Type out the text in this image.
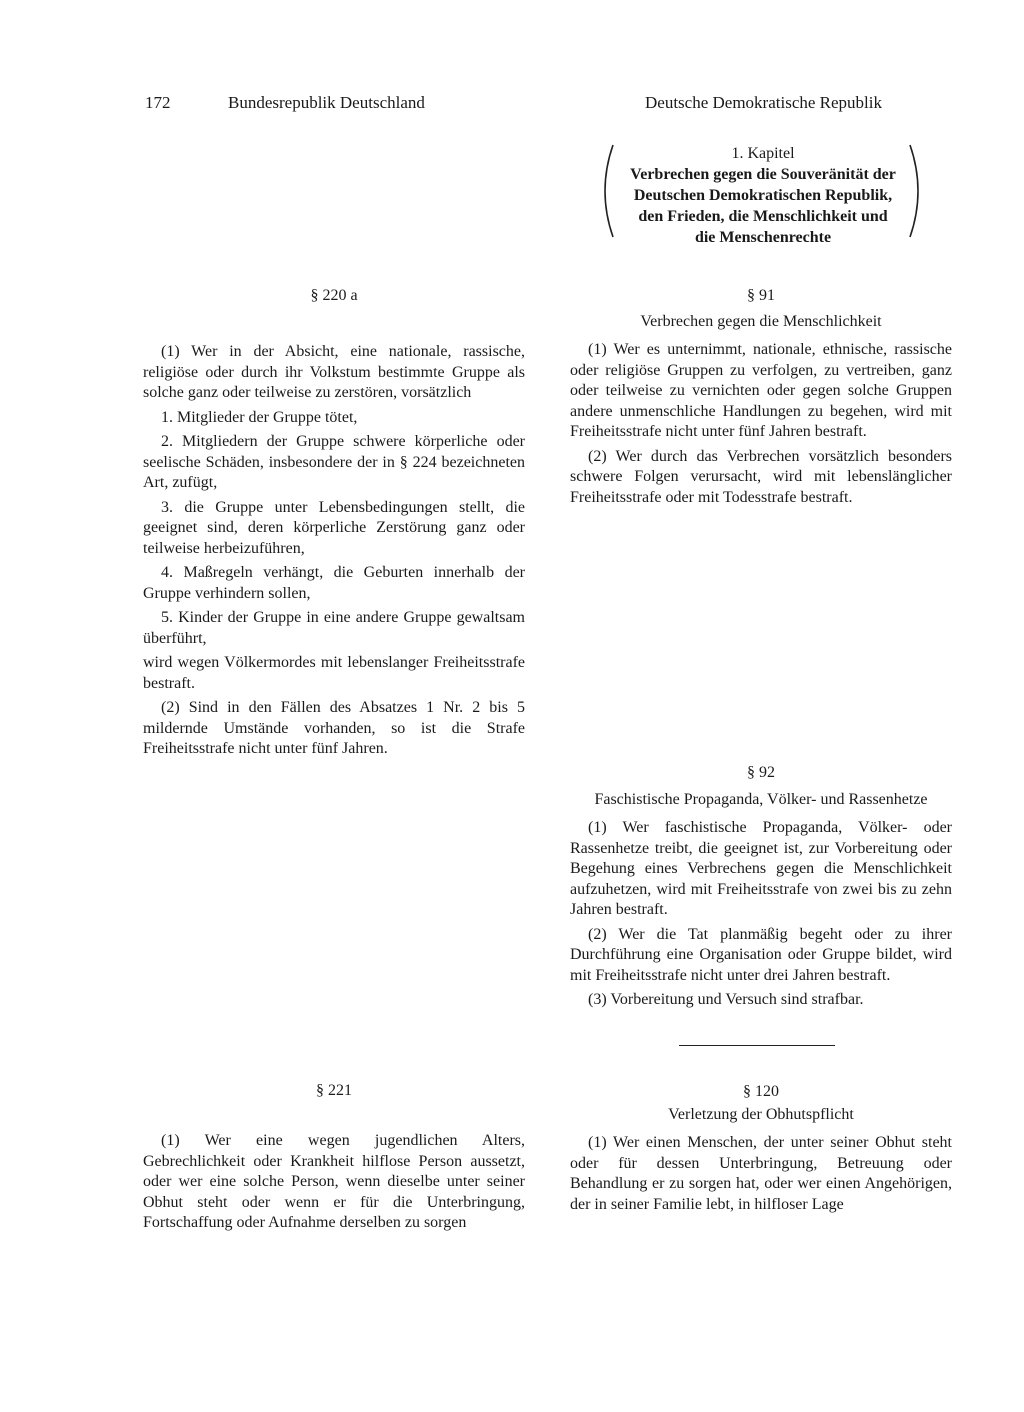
172	Bundesrepublik Deutschland	Deutsche Demokratische Republik
1. Kapitel
Verbrechen gegen die Souveränität der
Deutschen Demokratischen Republik,
den Frieden, die Menschlichkeit und
die Menschenrechte
§ 220 a

(1) Wer in der Absicht, eine nationale, rassische, religiöse oder durch ihr Volkstum bestimmte Gruppe als solche ganz oder teilweise zu zerstören, vorsätzlich

1. Mitglieder der Gruppe tötet,

2. Mitgliedern der Gruppe schwere körperliche oder seelische Schäden, insbesondere der in § 224 bezeichneten Art, zufügt,

3. die Gruppe unter Lebensbedingungen stellt, die geeignet sind, deren körperliche Zerstörung ganz oder teilweise herbeizuführen,

4. Maßregeln verhängt, die Geburten innerhalb der Gruppe verhindern sollen,

5. Kinder der Gruppe in eine andere Gruppe gewaltsam überführt,

wird wegen Völkermordes mit lebenslanger Freiheitsstrafe bestraft.

(2) Sind in den Fällen des Absatzes 1 Nr. 2 bis 5 mildernde Umstände vorhanden, so ist die Strafe Freiheitsstrafe nicht unter fünf Jahren.

§ 221

(1) Wer eine wegen jugendlichen Alters, Gebrechlichkeit oder Krankheit hilflose Person aussetzt, oder wer eine solche Person, wenn dieselbe unter seiner Obhut steht oder wenn er für die Unterbringung, Fortschaffung oder Aufnahme derselben zu sorgen

§ 91
Verbrechen gegen die Menschlichkeit

(1) Wer es unternimmt, nationale, ethnische, rassische oder religiöse Gruppen zu verfolgen, zu vertreiben, ganz oder teilweise zu vernichten oder gegen solche Gruppen andere unmenschliche Handlungen zu begehen, wird mit Freiheitsstrafe nicht unter fünf Jahren bestraft.

(2) Wer durch das Verbrechen vorsätzlich besonders schwere Folgen verursacht, wird mit lebenslänglicher Freiheitsstrafe oder mit Todesstrafe bestraft.

§ 92
Faschistische Propaganda, Völker- und Rassenhetze

(1) Wer faschistische Propaganda, Völker- oder Rassenhetze treibt, die geeignet ist, zur Vorbereitung oder Begehung eines Verbrechens gegen die Menschlichkeit aufzuhetzen, wird mit Freiheitsstrafe von zwei bis zu zehn Jahren bestraft.

(2) Wer die Tat planmäßig begeht oder zu ihrer Durchführung eine Organisation oder Gruppe bildet, wird mit Freiheitsstrafe nicht unter drei Jahren bestraft.

(3) Vorbereitung und Versuch sind strafbar.

§ 120
Verletzung der Obhutspflicht

(1) Wer einen Menschen, der unter seiner Obhut steht oder für dessen Unterbringung, Betreuung oder Behandlung er zu sorgen hat, oder wer einen Angehörigen, der in seiner Familie lebt, in hilfloser Lage
